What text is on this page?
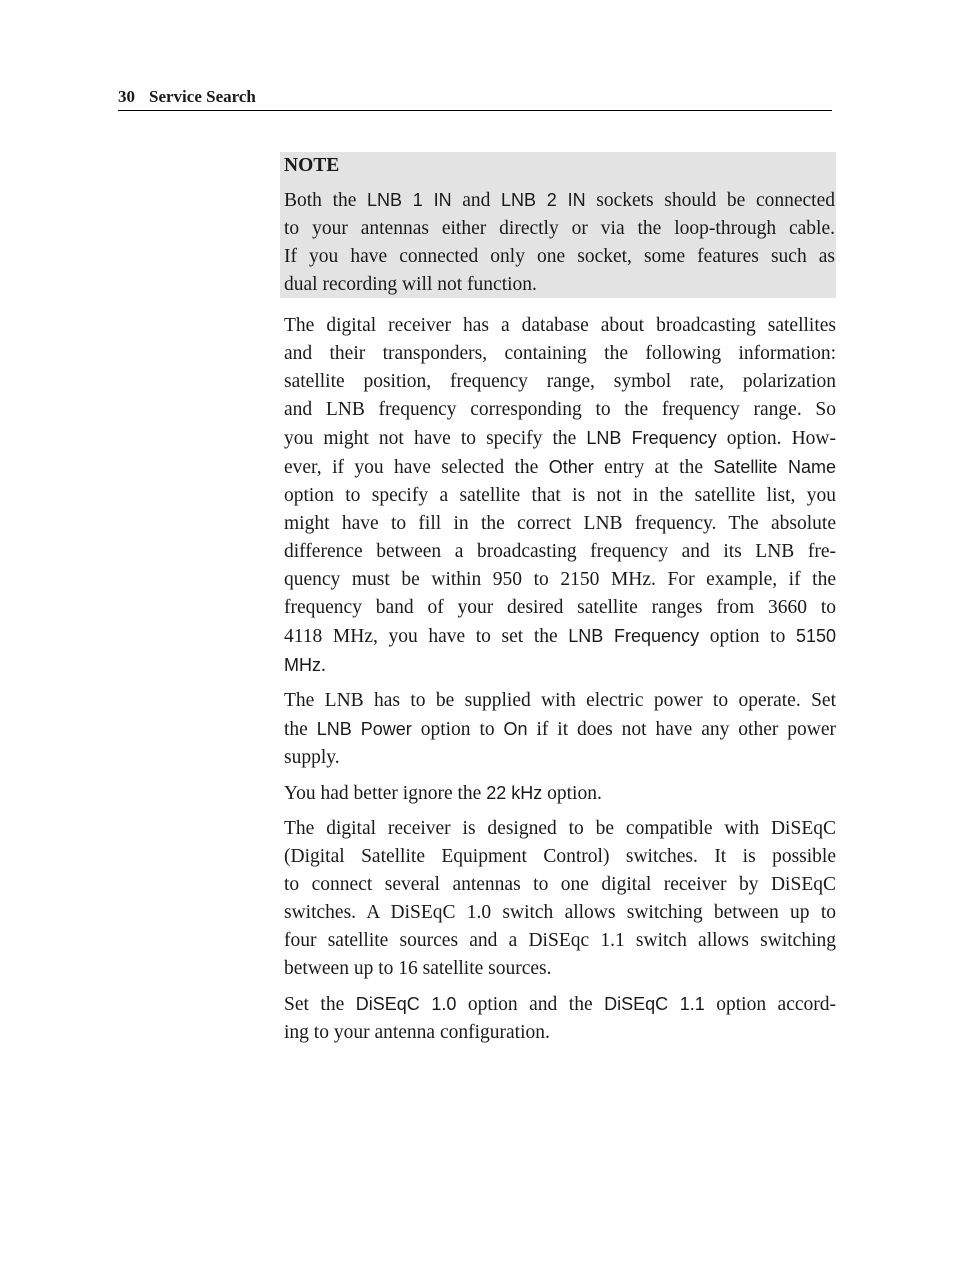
30 Service Search
NOTE
Both the LNB 1 IN and LNB 2 IN sockets should be connected
to your antennas either directly or via the loop-through cable.
If you have connected only one socket, some features such as
dual recording will not function.
The digital receiver has a database about broadcasting satellites
and their transponders, containing the following information:
satellite position, frequency range, symbol rate, polarization
and LNB frequency corresponding to the frequency range. So
you might not have to specify the LNB Frequency option. How-
ever, if you have selected the Other entry at the Satellite Name
option to specify a satellite that is not in the satellite list, you
might have to fill in the correct LNB frequency. The absolute
difference between a broadcasting frequency and its LNB fre-
quency must be within 950 to 2150 MHz. For example, if the
frequency band of your desired satellite ranges from 3660 to
4118 MHz, you have to set the LNB Frequency option to 5150
MHz.
The LNB has to be supplied with electric power to operate. Set
the LNB Power option to On if it does not have any other power
supply.
You had better ignore the 22 kHz option.
The digital receiver is designed to be compatible with DiSEqC
(Digital Satellite Equipment Control) switches. It is possible
to connect several antennas to one digital receiver by DiSEqC
switches. A DiSEqC 1.0 switch allows switching between up to
four satellite sources and a DiSEqc 1.1 switch allows switching
between up to 16 satellite sources.
Set the DiSEqC 1.0 option and the DiSEqC 1.1 option accord-
ing to your antenna configuration.
